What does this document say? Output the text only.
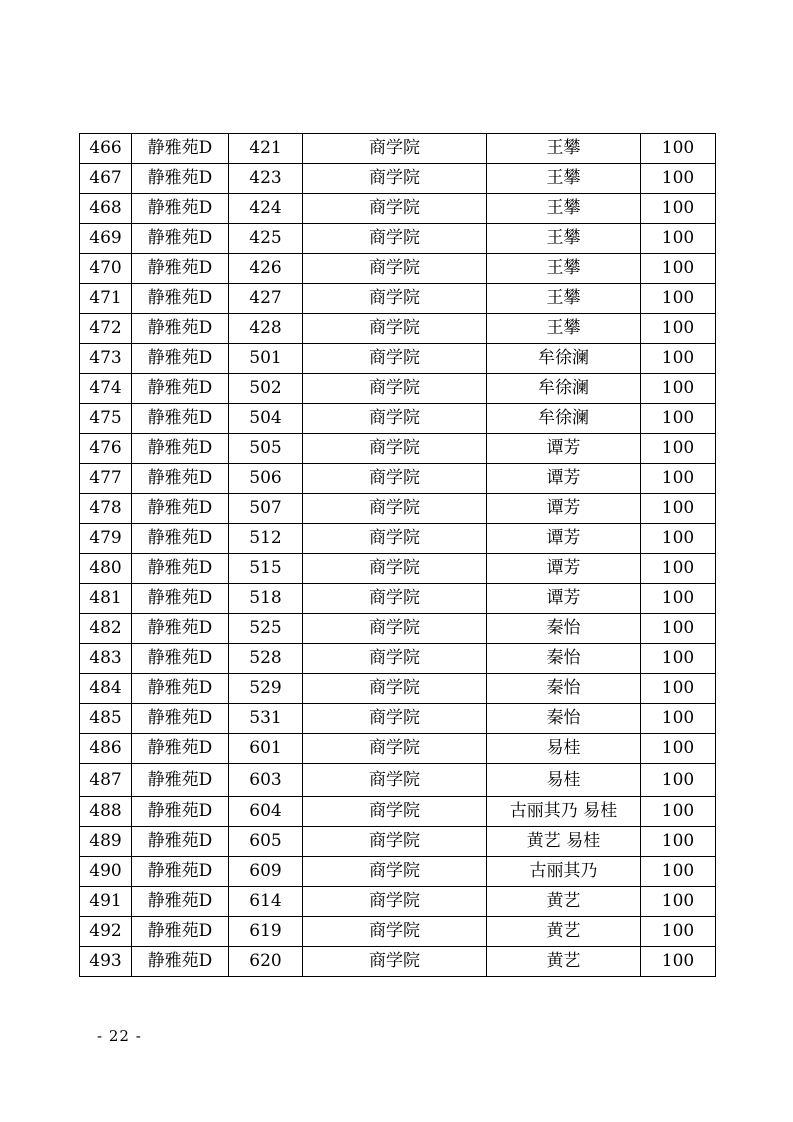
466	静雅苑D	421	商学院	王攀	100
467	静雅苑D	423	商学院	王攀	100
468	静雅苑D	424	商学院	王攀	100
469	静雅苑D	425	商学院	王攀	100
470	静雅苑D	426	商学院	王攀	100
471	静雅苑D	427	商学院	王攀	100
472	静雅苑D	428	商学院	王攀	100
473	静雅苑D	501	商学院	牟徐澜	100
474	静雅苑D	502	商学院	牟徐澜	100
475	静雅苑D	504	商学院	牟徐澜	100
476	静雅苑D	505	商学院	谭芳	100
477	静雅苑D	506	商学院	谭芳	100
478	静雅苑D	507	商学院	谭芳	100
479	静雅苑D	512	商学院	谭芳	100
480	静雅苑D	515	商学院	谭芳	100
481	静雅苑D	518	商学院	谭芳	100
482	静雅苑D	525	商学院	秦怡	100
483	静雅苑D	528	商学院	秦怡	100
484	静雅苑D	529	商学院	秦怡	100
485	静雅苑D	531	商学院	秦怡	100
486	静雅苑D	601	商学院	易桂	100
487	静雅苑D	603	商学院	易桂	100
488	静雅苑D	604	商学院	古丽其乃 易桂	100
489	静雅苑D	605	商学院	黄艺 易桂	100
490	静雅苑D	609	商学院	古丽其乃	100
491	静雅苑D	614	商学院	黄艺	100
492	静雅苑D	619	商学院	黄艺	100
493	静雅苑D	620	商学院	黄艺	100
- 22 -
